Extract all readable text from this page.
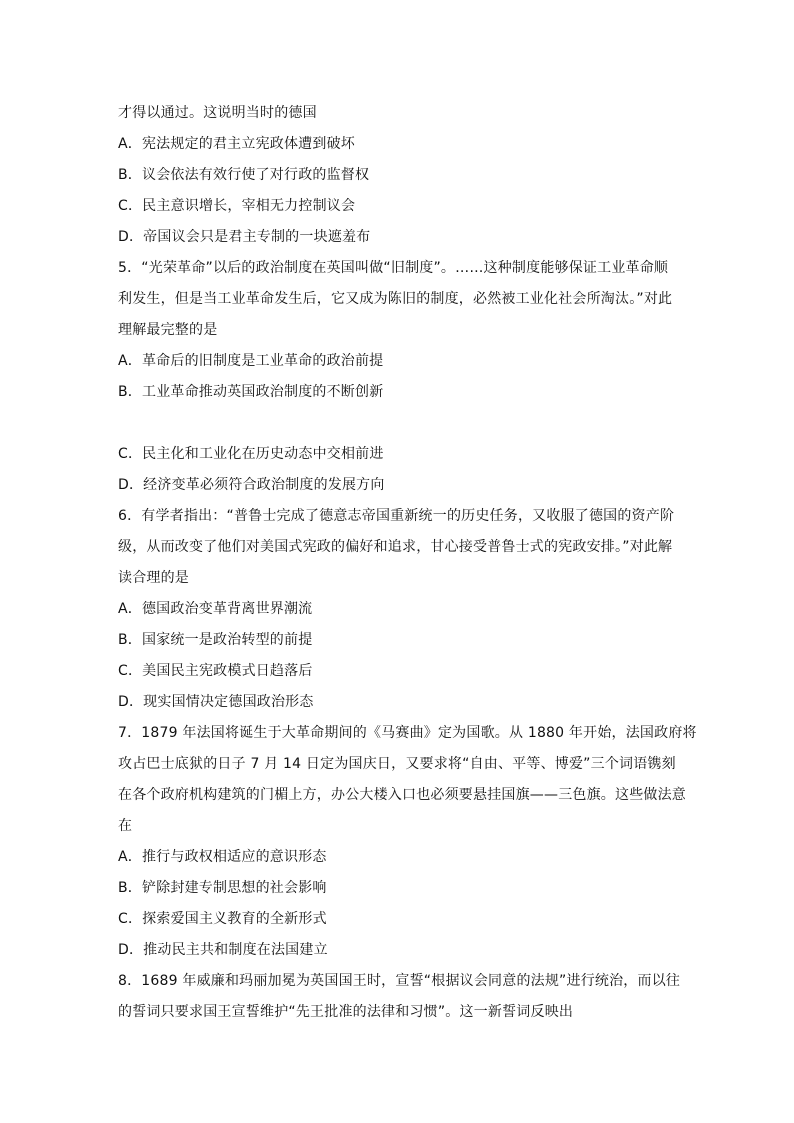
才得以通过。这说明当时的德国
A．宪法规定的君主立宪政体遭到破坏
B．议会依法有效行使了对行政的监督权
C．民主意识增长，宰相无力控制议会
D．帝国议会只是君主专制的一块遮羞布
5．“光荣革命”以后的政治制度在英国叫做“旧制度”。……这种制度能够保证工业革命顺
利发生，但是当工业革命发生后，它又成为陈旧的制度，必然被工业化社会所淘汰。”对此
理解最完整的是
A．革命后的旧制度是工业革命的政治前提
B．工业革命推动英国政治制度的不断创新
C．民主化和工业化在历史动态中交相前进
D．经济变革必须符合政治制度的发展方向
6．有学者指出：“普鲁士完成了德意志帝国重新统一的历史任务，又收服了德国的资产阶
级，从而改变了他们对美国式宪政的偏好和追求，甘心接受普鲁士式的宪政安排。”对此解
读合理的是
A．德国政治变革背离世界潮流
B．国家统一是政治转型的前提
C．美国民主宪政模式日趋落后
D．现实国情决定德国政治形态
7．1879 年法国将诞生于大革命期间的《马赛曲》定为国歌。从 1880 年开始，法国政府将
攻占巴士底狱的日子 7 月 14 日定为国庆日，又要求将“自由、平等、博爱”三个词语镌刻
在各个政府机构建筑的门楣上方，办公大楼入口也必须要悬挂国旗——三色旗。这些做法意
在
A．推行与政权相适应的意识形态
B．铲除封建专制思想的社会影响
C．探索爱国主义教育的全新形式
D．推动民主共和制度在法国建立
8．1689 年威廉和玛丽加冕为英国国王时，宣誓“根据议会同意的法规”进行统治，而以往
的誓词只要求国王宣誓维护“先王批准的法律和习惯”。这一新誓词反映出
